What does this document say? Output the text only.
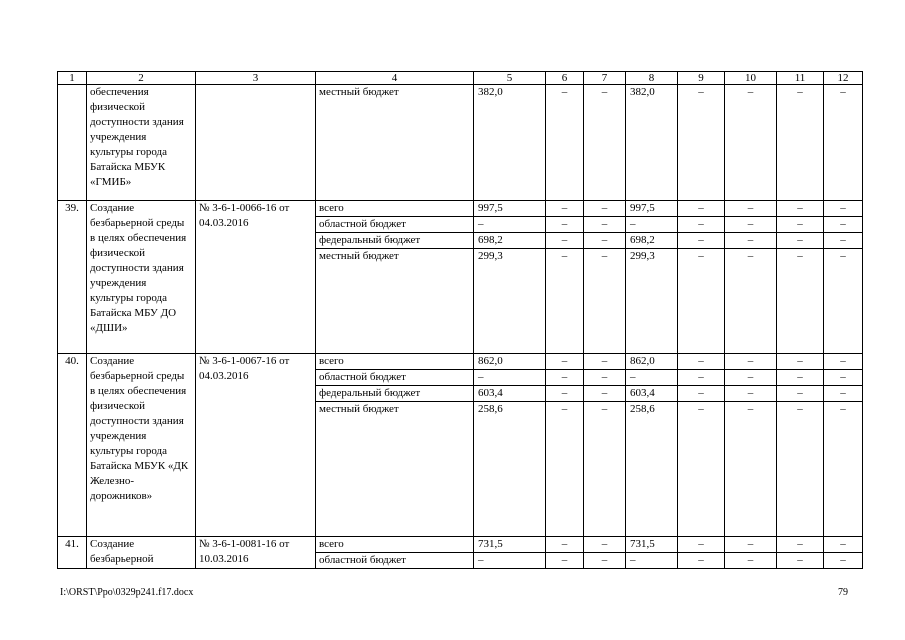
1	2	3	4	5	6	7	8	9	10	11	12
	обеспечения физической доступности здания учреждения культуры города Батайска МБУК «ГМИБ»		местный бюджет	382,0	–	–	382,0	–	–	–	–
39.	Создание безбарьерной среды в целях обеспечения физической доступности здания учреждения культуры города Батайска МБУ ДО «ДШИ»	№ 3-6-1-0066-16 от 04.03.2016	всего	997,5	–	–	997,5	–	–	–	–
			областной бюджет	–	–	–	–	–	–	–	–
			федеральный бюджет	698,2	–	–	698,2	–	–	–	–
			местный бюджет	299,3	–	–	299,3	–	–	–	–
40.	Создание безбарьерной среды в целях обеспечения физической доступности здания учреждения культуры города Батайска МБУК «ДК Железно-дорожников»	№ 3-6-1-0067-16 от 04.03.2016	всего	862,0	–	–	862,0	–	–	–	–
			областной бюджет	–	–	–	–	–	–	–	–
			федеральный бюджет	603,4	–	–	603,4	–	–	–	–
			местный бюджет	258,6	–	–	258,6	–	–	–	–
41.	Создание безбарьерной	№ 3-6-1-0081-16 от 10.03.2016	всего	731,5	–	–	731,5	–	–	–	–
			областной бюджет	–	–	–	–	–	–	–	–
I:\ORST\Ppo\0329p241.f17.docx	79
